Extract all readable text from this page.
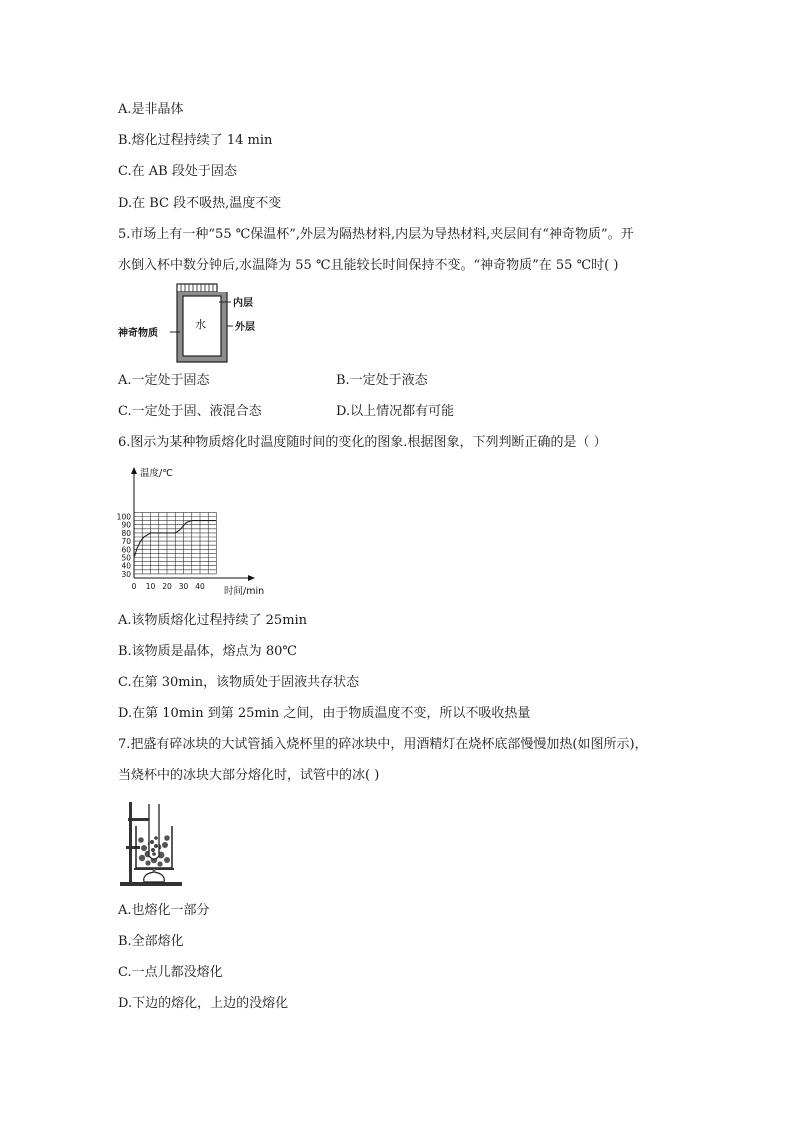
A.是非晶体
B.熔化过程持续了 14 min
C.在 AB 段处于固态
D.在 BC 段不吸热,温度不变
5.市场上有一种“55 ℃保温杯”,外层为隔热材料,内层为导热材料,夹层间有“神奇物质”。开
水倒入杯中数分钟后,水温降为 55 ℃且能较长时间保持不变。“神奇物质”在 55 ℃时( )
水
内层
外层
神奇物质
A.一定处于固态	B.一定处于液态
C.一定处于固、液混合态	D.以上情况都有可能
6.图示为某种物质熔化时温度随时间的变化的图象.根据图象，下列判断正确的是（ ）
30
40
50
60
70
80
90
100
0 10 20 30 40
温度/℃
时间/min
A.该物质熔化过程持续了 25min
B.该物质是晶体，熔点为 80℃
C.在第 30min，该物质处于固液共存状态
D.在第 10min 到第 25min 之间，由于物质温度不变，所以不吸收热量
7.把盛有碎冰块的大试管插入烧杯里的碎冰块中，用酒精灯在烧杯底部慢慢加热(如图所示)，
当烧杯中的冰块大部分熔化时，试管中的冰( )
A.也熔化一部分
B.全部熔化
C.一点儿都没熔化
D.下边的熔化，上边的没熔化
